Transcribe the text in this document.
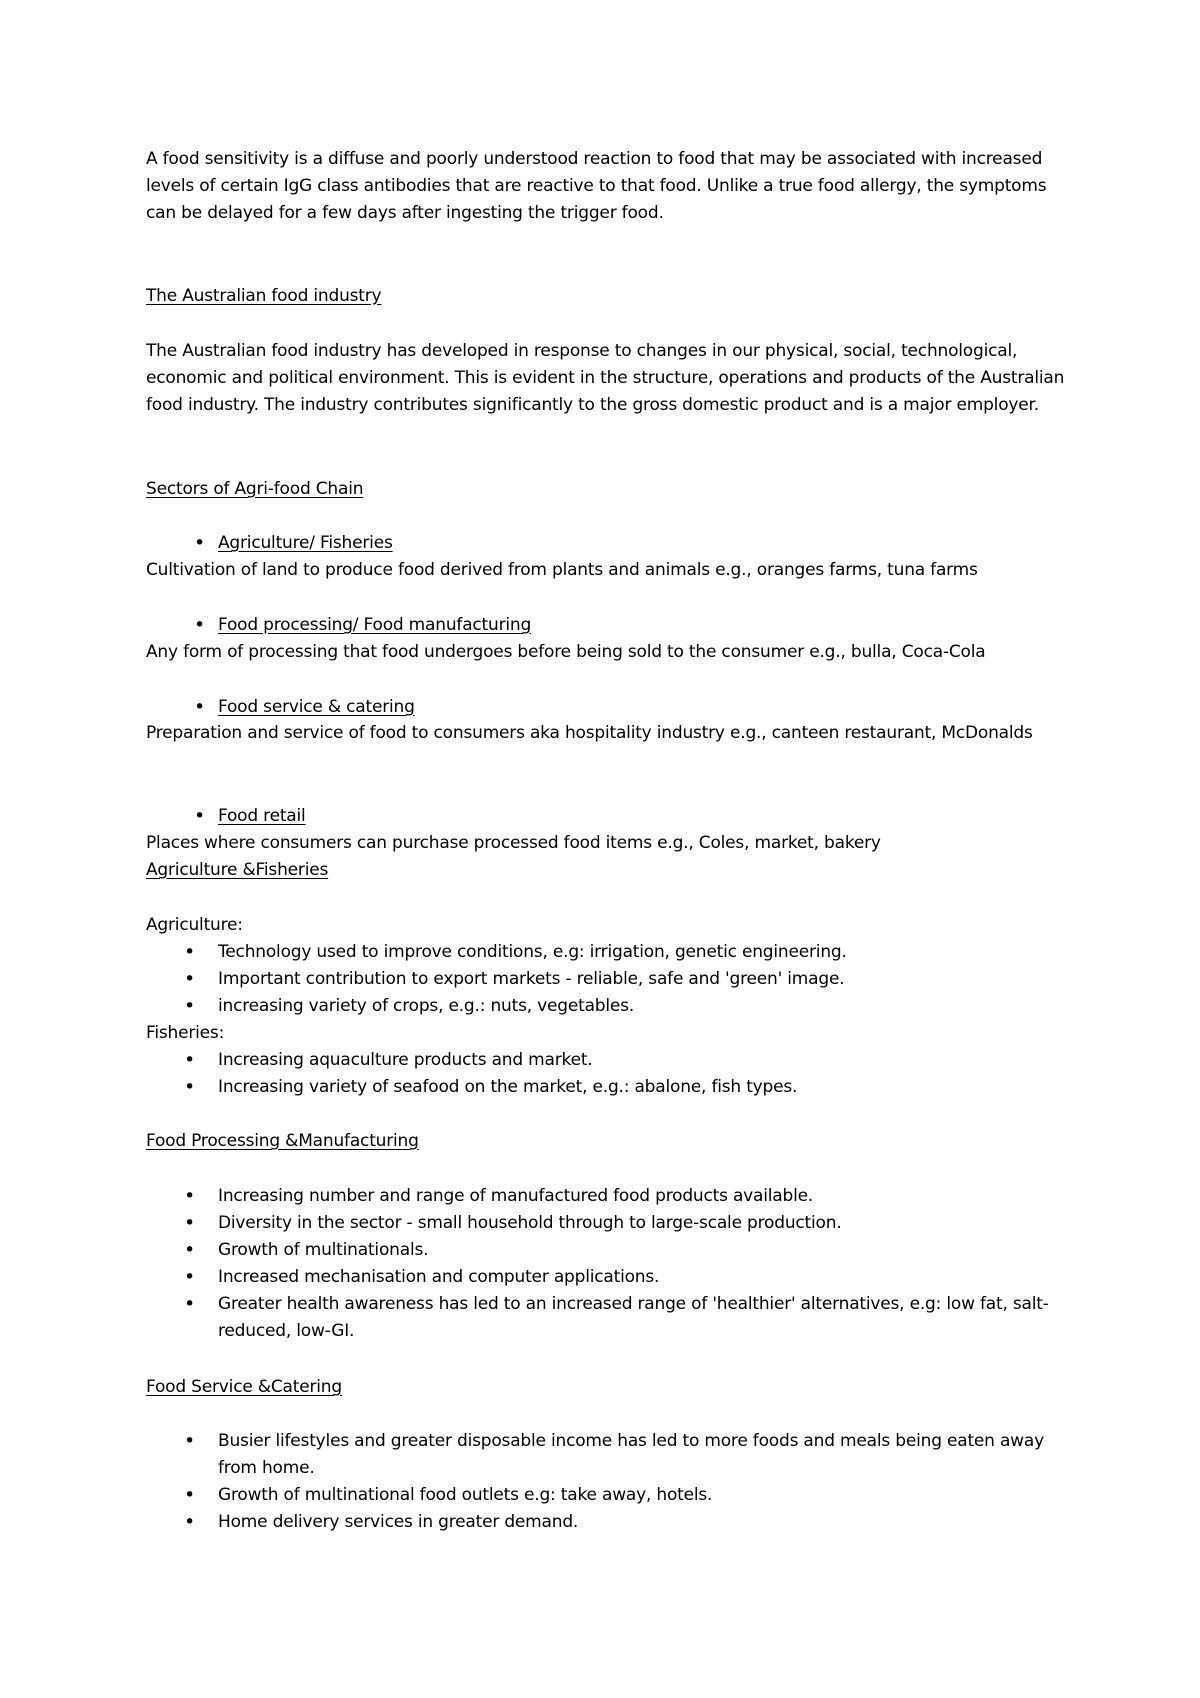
A food sensitivity is a diffuse and poorly understood reaction to food that may be associated with increased levels of certain IgG class antibodies that are reactive to that food. Unlike a true food allergy, the symptoms can be delayed for a few days after ingesting the trigger food.

The Australian food industry

The Australian food industry has developed in response to changes in our physical, social, technological, economic and political environment. This is evident in the structure, operations and products of the Australian food industry. The industry contributes significantly to the gross domestic product and is a major employer.

Sectors of Agri-food Chain
• Agriculture/ Fisheries
Cultivation of land to produce food derived from plants and animals e.g., oranges farms, tuna farms
• Food processing/ Food manufacturing
Any form of processing that food undergoes before being sold to the consumer e.g., bulla, Coca-Cola
• Food service & catering

Preparation and service of food to consumers aka hospitality industry e.g., canteen restaurant, McDonalds

• Food retail
Places where consumers can purchase processed food items e.g., Coles, market, bakery
Agriculture &Fisheries
Agriculture:
• Technology used to improve conditions, e.g: irrigation, genetic engineering.
• Important contribution to export markets - reliable, safe and 'green' image.
• increasing variety of crops, e.g.: nuts, vegetables.
Fisheries:
• Increasing aquaculture products and market.
• Increasing variety of seafood on the market, e.g.: abalone, fish types.
Food Processing &Manufacturing
• Increasing number and range of manufactured food products available.
• Diversity in the sector - small household through to large-scale production.
• Growth of multinationals.
• Increased mechanisation and computer applications.
• Greater health awareness has led to an increased range of 'healthier' alternatives, e.g: low fat, salt-reduced, low-GI.
Food Service &Catering
• Busier lifestyles and greater disposable income has led to more foods and meals being eaten away from home.
• Growth of multinational food outlets e.g: take away, hotels.
• Home delivery services in greater demand.
